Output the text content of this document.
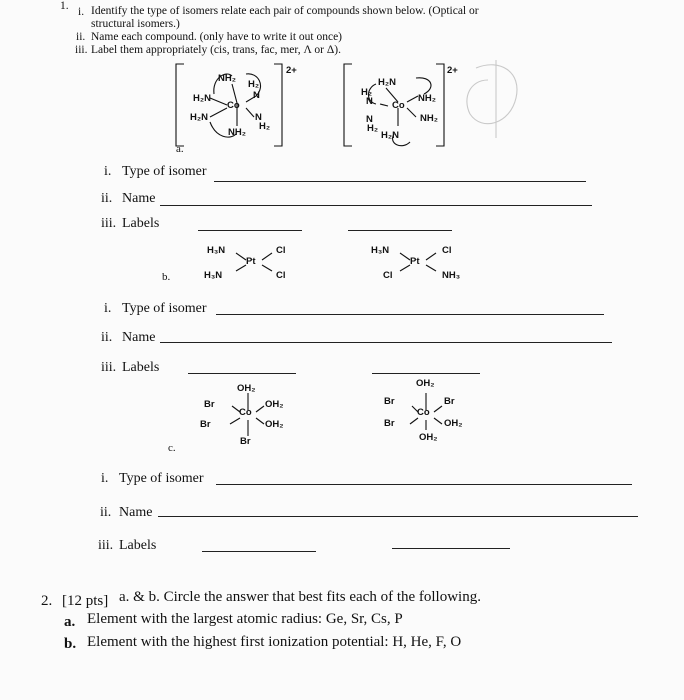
1. i. Identify the type of isomers relate each pair of compounds shown below. (Optical or
structural isomers.)
ii. Name each compound. (only have to write it out once)
iii. Label them appropriately (cis, trans, fac, mer, Λ or Δ).
NH₂
H₂
H₂N	N
Co
H₂N	N
H₂
NH₂
2+	2+
H₂N
H₂
N Co
NH₂
NH₂
N
H₂
H₂N
a.
i. Type of isomer
ii. Name
iii. Labels
H₃N
Pt
Cl
H₃N	Cl
H₃N
Pt
Cl
Cl	NH₃
b.
i. Type of isomer
ii. Name
iii. Labels
OH₂
Br
Co
OH₂
Br	OH₂
Br
OH₂
Br
Co
Br
Br	OH₂
OH₂
c.
i. Type of isomer
ii. Name
iii. Labels
2. [12 pts] a. & b. Circle the answer that best fits each of the following.
a. Element with the largest atomic radius: Ge, Sr, Cs, P
b. Element with the highest first ionization potential: H, He, F, O
